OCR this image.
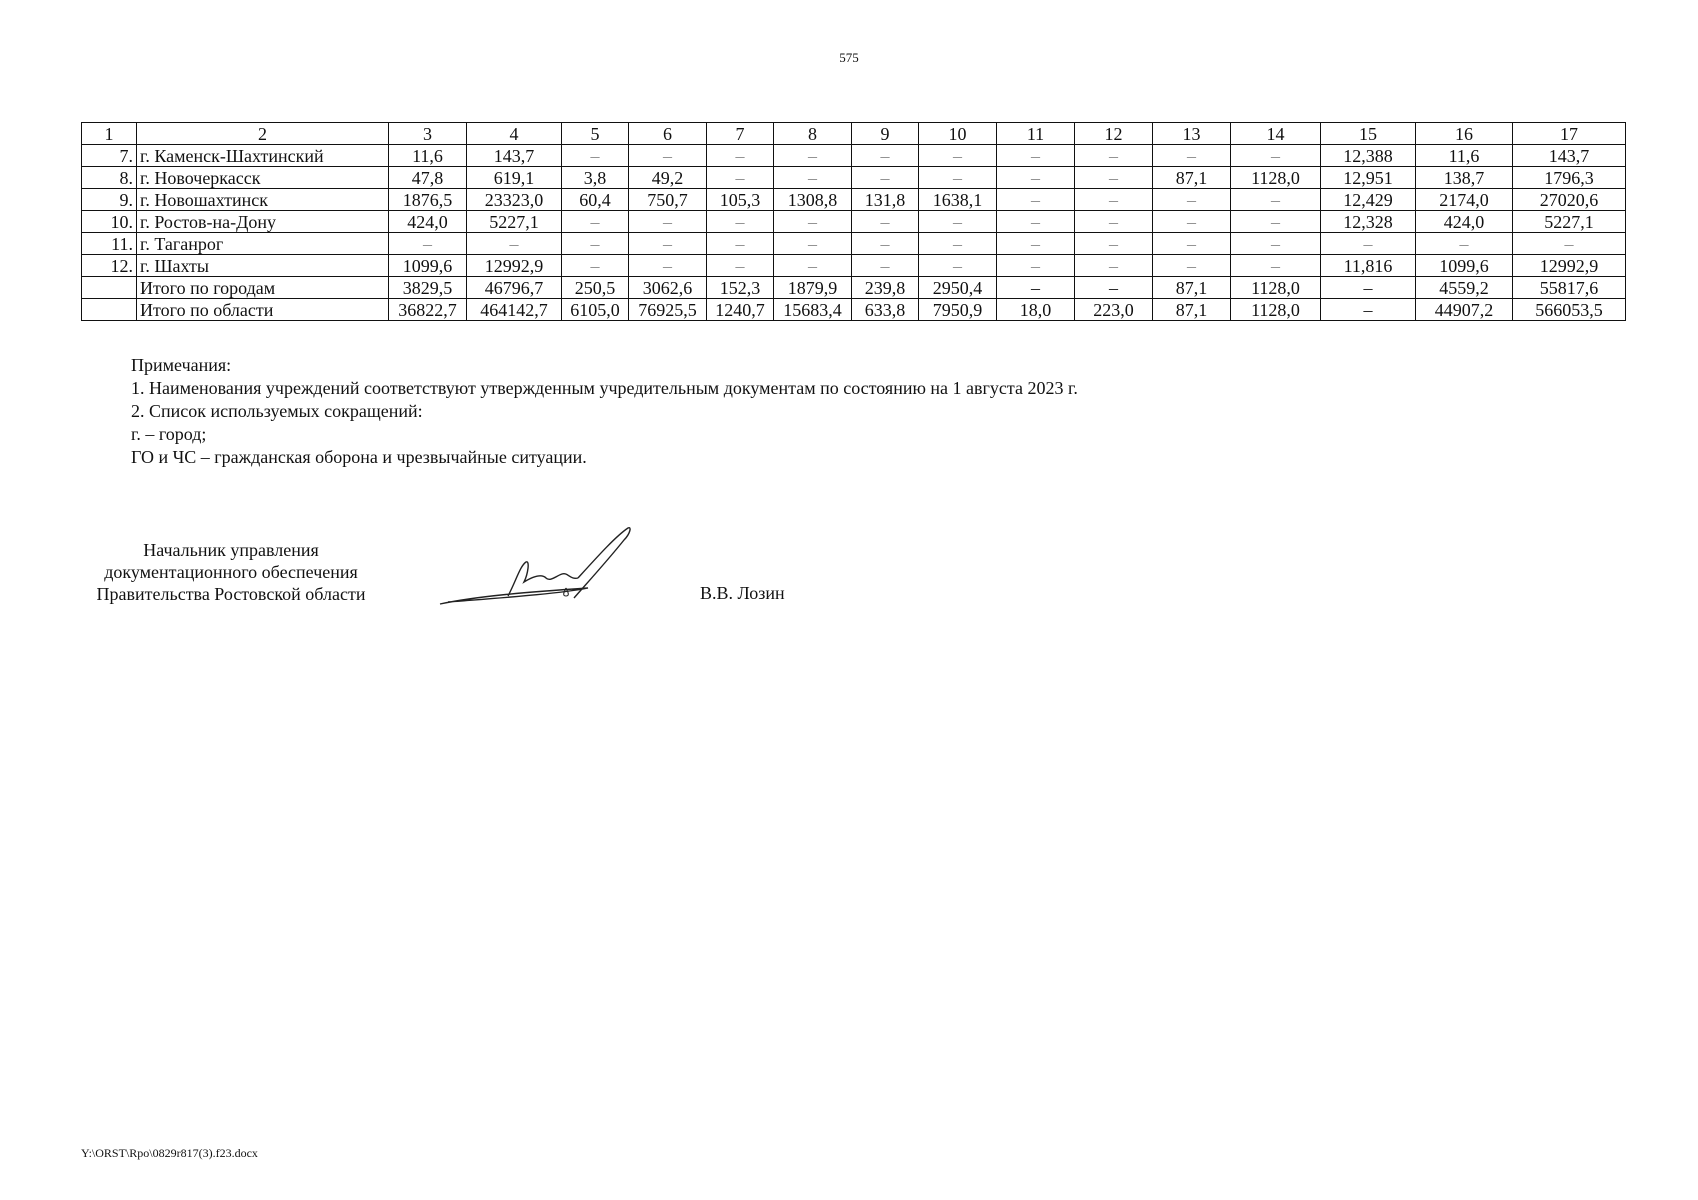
575
1	2	3	4	5	6	7	8	9	10	11	12	13	14	15	16	17
7.	г. Каменск-Шахтинский	11,6	143,7	–	–	–	–	–	–	–	–	–	–	12,388	11,6	143,7
8.	г. Новочеркасск	47,8	619,1	3,8	49,2	–	–	–	–	–	–	87,1	1128,0	12,951	138,7	1796,3
9.	г. Новошахтинск	1876,5	23323,0	60,4	750,7	105,3	1308,8	131,8	1638,1	–	–	–	–	12,429	2174,0	27020,6
10.	г. Ростов-на-Дону	424,0	5227,1	–	–	–	–	–	–	–	–	–	–	12,328	424,0	5227,1
11.	г. Таганрог	–	–	–	–	–	–	–	–	–	–	–	–	–	–	–
12.	г. Шахты	1099,6	12992,9	–	–	–	–	–	–	–	–	–	–	11,816	1099,6	12992,9
	Итого по городам	3829,5	46796,7	250,5	3062,6	152,3	1879,9	239,8	2950,4	–	–	87,1	1128,0	–	4559,2	55817,6
	Итого по области	36822,7	464142,7	6105,0	76925,5	1240,7	15683,4	633,8	7950,9	18,0	223,0	87,1	1128,0	–	44907,2	566053,5
Примечания:
1. Наименования учреждений соответствуют утвержденным учредительным документам по состоянию на 1 августа 2023 г.
2. Список используемых сокращений:
г. – город;
ГО и ЧС – гражданская оборона и чрезвычайные ситуации.
Начальник управления
документационного обеспечения
Правительства Ростовской области	В.В. Лозин
Y:\ORST\Rpo\0829r817(3).f23.docx
